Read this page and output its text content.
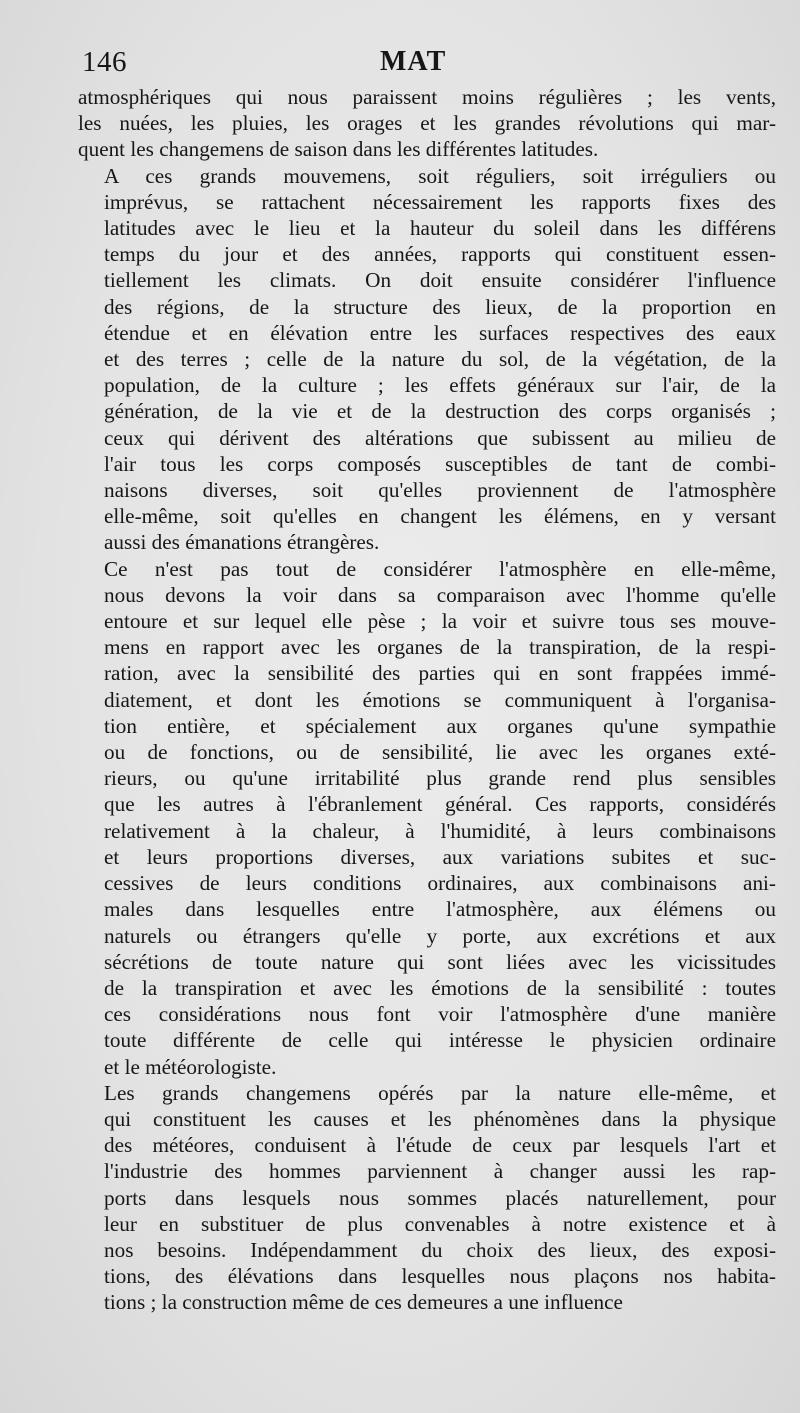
146	MAT

atmosphériques qui nous paraissent moins régulières ; les vents,
les nuées, les pluies, les orages et les grandes révolutions qui mar-
quent les changemens de saison dans les différentes latitudes.

A ces grands mouvemens, soit réguliers, soit irréguliers ou
imprévus, se rattachent nécessairement les rapports fixes des
latitudes avec le lieu et la hauteur du soleil dans les différens
temps du jour et des années, rapports qui constituent essen-
tiellement les climats. On doit ensuite considérer l'influence
des régions, de la structure des lieux, de la proportion en
étendue et en élévation entre les surfaces respectives des eaux
et des terres ; celle de la nature du sol, de la végétation, de la
population, de la culture ; les effets généraux sur l'air, de la
génération, de la vie et de la destruction des corps organisés ;
ceux qui dérivent des altérations que subissent au milieu de
l'air tous les corps composés susceptibles de tant de combi-
naisons diverses, soit qu'elles proviennent de l'atmosphère
elle-même, soit qu'elles en changent les élémens, en y versant
aussi des émanations étrangères.

Ce n'est pas tout de considérer l'atmosphère en elle-même,
nous devons la voir dans sa comparaison avec l'homme qu'elle
entoure et sur lequel elle pèse ; la voir et suivre tous ses mouve-
mens en rapport avec les organes de la transpiration, de la respi-
ration, avec la sensibilité des parties qui en sont frappées immé-
diatement, et dont les émotions se communiquent à l'organisa-
tion entière, et spécialement aux organes qu'une sympathie
ou de fonctions, ou de sensibilité, lie avec les organes exté-
rieurs, ou qu'une irritabilité plus grande rend plus sensibles
que les autres à l'ébranlement général. Ces rapports, considérés
relativement à la chaleur, à l'humidité, à leurs combinaisons
et leurs proportions diverses, aux variations subites et suc-
cessives de leurs conditions ordinaires, aux combinaisons ani-
males dans lesquelles entre l'atmosphère, aux élémens ou
naturels ou étrangers qu'elle y porte, aux excrétions et aux
sécrétions de toute nature qui sont liées avec les vicissitudes
de la transpiration et avec les émotions de la sensibilité : toutes
ces considérations nous font voir l'atmosphère d'une manière
toute différente de celle qui intéresse le physicien ordinaire
et le météorologiste.

Les grands changemens opérés par la nature elle-même, et
qui constituent les causes et les phénomènes dans la physique
des météores, conduisent à l'étude de ceux par lesquels l'art et
l'industrie des hommes parviennent à changer aussi les rap-
ports dans lesquels nous sommes placés naturellement, pour
leur en substituer de plus convenables à notre existence et à
nos besoins. Indépendamment du choix des lieux, des exposi-
tions, des élévations dans lesquelles nous plaçons nos habita-
tions ; la construction même de ces demeures a une influence
